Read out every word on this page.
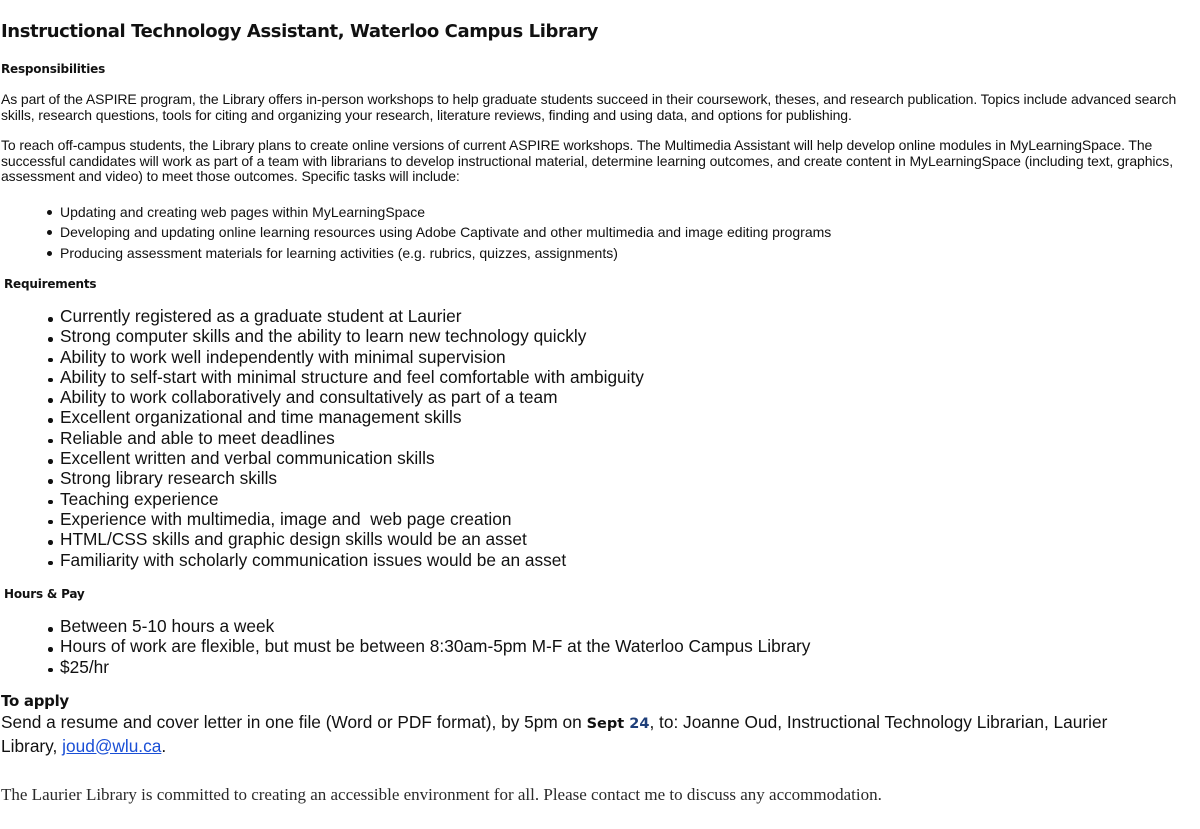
Instructional Technology Assistant, Waterloo Campus Library
Responsibilities

As part of the ASPIRE program, the Library offers in-person workshops to help graduate students succeed in their coursework, theses, and research publication. Topics include advanced search skills, research questions, tools for citing and organizing your research, literature reviews, finding and using data, and options for publishing.

To reach off-campus students, the Library plans to create online versions of current ASPIRE workshops. The Multimedia Assistant will help develop online modules in MyLearningSpace. The successful candidates will work as part of a team with librarians to develop instructional material, determine learning outcomes, and create content in MyLearningSpace (including text, graphics, assessment and video) to meet those outcomes. Specific tasks will include:

Updating and creating web pages within MyLearningSpace
Developing and updating online learning resources using Adobe Captivate and other multimedia and image editing programs
Producing assessment materials for learning activities (e.g. rubrics, quizzes, assignments)
Requirements
Currently registered as a graduate student at Laurier
Strong computer skills and the ability to learn new technology quickly
Ability to work well independently with minimal supervision
Ability to self-start with minimal structure and feel comfortable with ambiguity
Ability to work collaboratively and consultatively as part of a team
Excellent organizational and time management skills
Reliable and able to meet deadlines
Excellent written and verbal communication skills
Strong library research skills
Teaching experience
Experience with multimedia, image and  web page creation
HTML/CSS skills and graphic design skills would be an asset
Familiarity with scholarly communication issues would be an asset
Hours & Pay
Between 5-10 hours a week
Hours of work are flexible, but must be between 8:30am-5pm M-F at the Waterloo Campus Library
$25/hr
To apply

Send a resume and cover letter in one file (Word or PDF format), by 5pm on Sept 24, to: Joanne Oud, Instructional Technology Librarian, Laurier Library, joud@wlu.ca.

The Laurier Library is committed to creating an accessible environment for all. Please contact me to discuss any accommodation.
